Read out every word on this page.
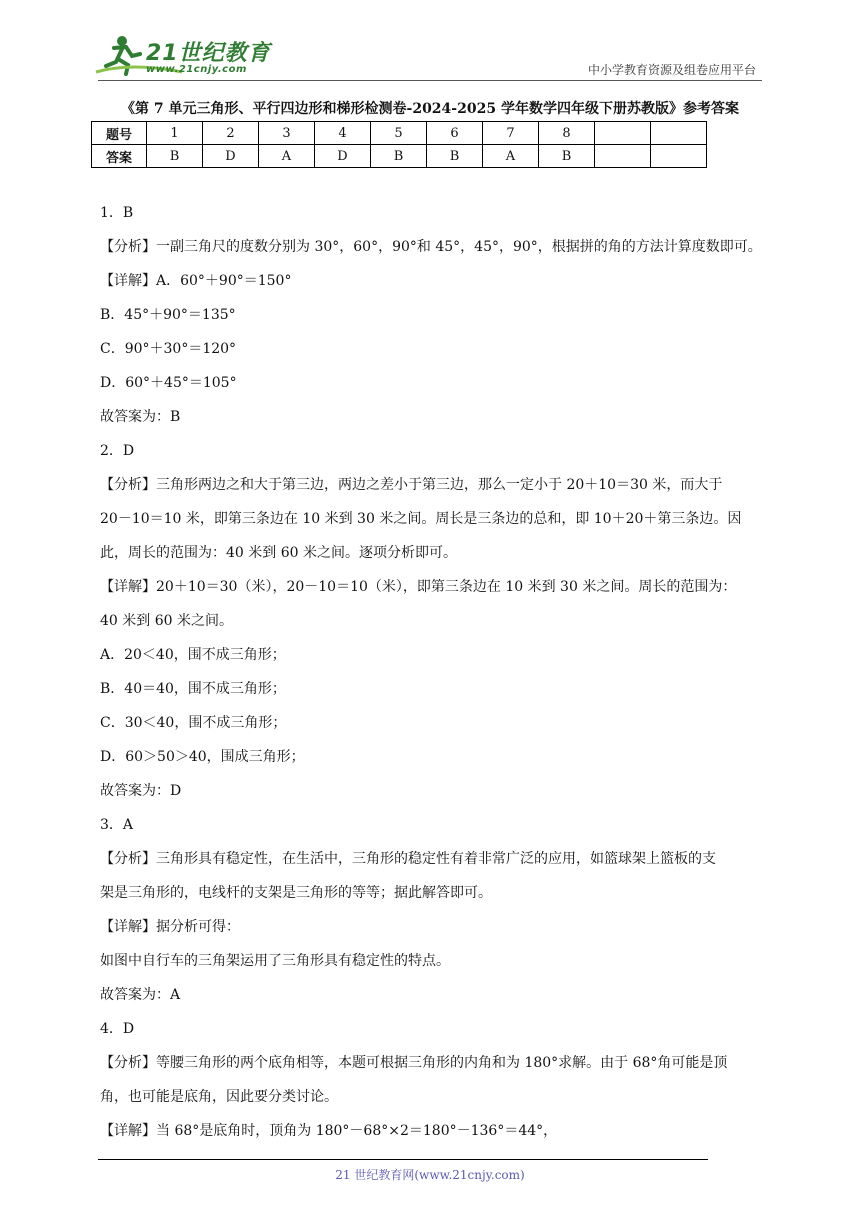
21世纪教育
www.21cnjy.com	中小学教育资源及组卷应用平台
《第 7 单元三角形、平行四边形和梯形检测卷-2024-2025 学年数学四年级下册苏教版》参考答案
题号	1	2	3	4	5	6	7	8		
答案	B	D	A	D	B	B	A	B		

1．B

【分析】一副三角尺的度数分别为 30°，60°，90°和 45°，45°，90°，根据拼的角的方法计算度数即可。

【详解】A．60°＋90°＝150°

B．45°＋90°＝135°

C．90°＋30°＝120°

D．60°＋45°＝105°

故答案为：B

2．D

【分析】三角形两边之和大于第三边，两边之差小于第三边，那么一定小于 20＋10＝30 米，而大于

20－10＝10 米，即第三条边在 10 米到 30 米之间。周长是三条边的总和，即 10＋20＋第三条边。因

此，周长的范围为：40 米到 60 米之间。逐项分析即可。

【详解】20＋10＝30（米），20－10＝10（米），即第三条边在 10 米到 30 米之间。周长的范围为：

40 米到 60 米之间。

A．20＜40，围不成三角形；

B．40＝40，围不成三角形；

C．30＜40，围不成三角形；

D．60＞50＞40，围成三角形；

故答案为：D

3．A

【分析】三角形具有稳定性，在生活中，三角形的稳定性有着非常广泛的应用，如篮球架上篮板的支

架是三角形的，电线杆的支架是三角形的等等；据此解答即可。

【详解】据分析可得：

如图中自行车的三角架运用了三角形具有稳定性的特点。

故答案为：A

4．D

【分析】等腰三角形的两个底角相等，本题可根据三角形的内角和为 180°求解。由于 68°角可能是顶

角，也可能是底角，因此要分类讨论。

【详解】当 68°是底角时，顶角为 180°－68°×2＝180°－136°＝44°，

21 世纪教育网(www.21cnjy.com)
